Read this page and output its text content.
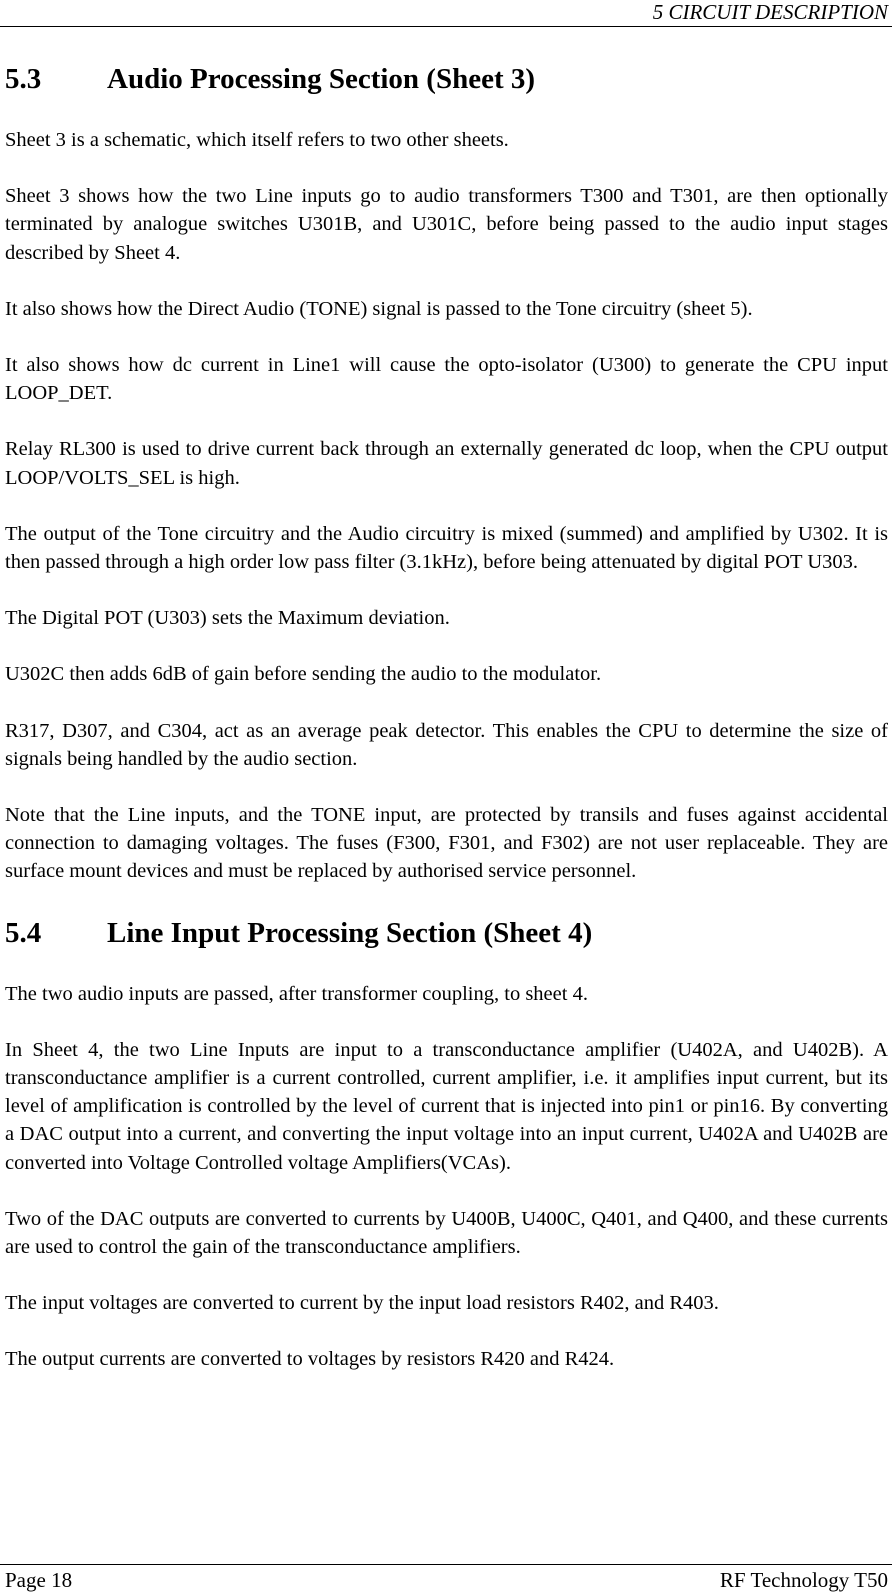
5 CIRCUIT DESCRIPTION
5.3 Audio Processing Section (Sheet 3)

Sheet 3 is a schematic, which itself refers to two other sheets.

Sheet 3 shows how the two Line inputs go to audio transformers T300 and T301, are then optionally terminated by analogue switches U301B, and U301C, before being passed to the audio input stages described by Sheet 4.

It also shows how the Direct Audio (TONE) signal is passed to the Tone circuitry (sheet 5).

It also shows how dc current in Line1 will cause the opto-isolator (U300) to generate the CPU input LOOP_DET.

Relay RL300 is used to drive current back through an externally generated dc loop, when the CPU output LOOP/VOLTS_SEL is high.

The output of the Tone circuitry and the Audio circuitry is mixed (summed) and amplified by U302. It is then passed through a high order low pass filter (3.1kHz), before being attenuated by digital POT U303.

The Digital POT (U303) sets the Maximum deviation.

U302C then adds 6dB of gain before sending the audio to the modulator.

R317, D307, and C304, act as an average peak detector. This enables the CPU to determine the size of signals being handled by the audio section.

Note that the Line inputs, and the TONE input, are protected by transils and fuses against accidental connection to damaging voltages. The fuses (F300, F301, and F302) are not user replaceable. They are surface mount devices and must be replaced by authorised service personnel.

5.4 Line Input Processing Section (Sheet 4)

The two audio inputs are passed, after transformer coupling, to sheet 4.

In Sheet 4, the two Line Inputs are input to a transconductance amplifier (U402A, and U402B). A transconductance amplifier is a current controlled, current amplifier, i.e. it amplifies input current, but its level of amplification is controlled by the level of current that is injected into pin1 or pin16. By converting a DAC output into a current, and converting the input voltage into an input current, U402A and U402B are converted into Voltage Controlled voltage Amplifiers(VCAs).

Two of the DAC outputs are converted to currents by U400B, U400C, Q401, and Q400, and these currents are used to control the gain of the transconductance amplifiers.

The input voltages are converted to current by the input load resistors R402, and R403.

The output currents are converted to voltages by resistors R420 and R424.

Page 18	RF Technology T50
